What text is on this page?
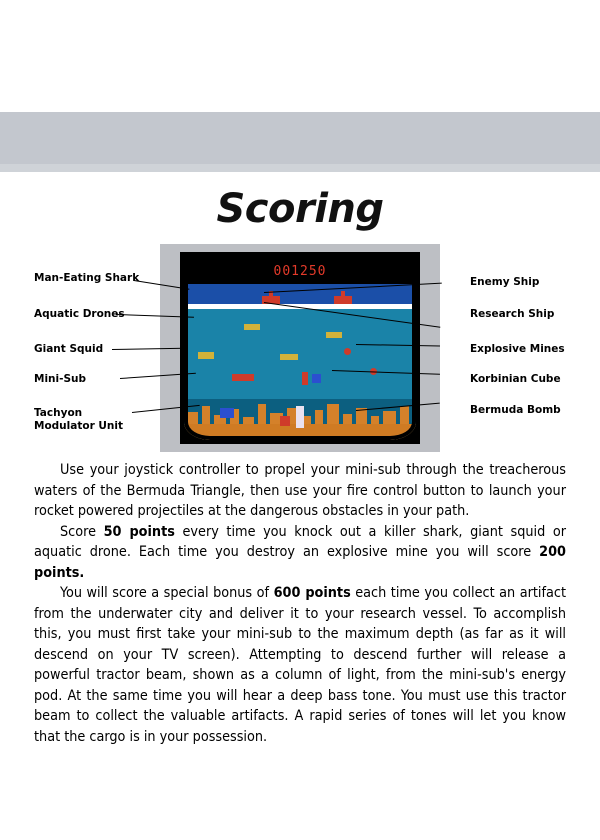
Scoring
001250
Man-Eating Shark
Aquatic Drones
Giant Squid
Mini-Sub
Tachyon Modulator Unit
Enemy Ship
Research Ship
Explosive Mines
Korbinian Cube
Bermuda Bomb

Use your joystick controller to propel your mini-sub through the treacherous waters of the Bermuda Triangle, then use your fire control button to launch your rocket powered projectiles at the dangerous obstacles in your path.

Score 50 points every time you knock out a killer shark, giant squid or aquatic drone. Each time you destroy an explosive mine you will score 200 points.

You will score a special bonus of 600 points each time you collect an artifact from the underwater city and deliver it to your research vessel. To accomplish this, you must first take your mini-sub to the maximum depth (as far as it will descend on your TV screen). Attempting to descend further will release a powerful tractor beam, shown as a column of light, from the mini-sub's energy pod. At the same time you will hear a deep bass tone. You must use this tractor beam to collect the valuable artifacts. A rapid series of tones will let you know that the cargo is in your possession.
